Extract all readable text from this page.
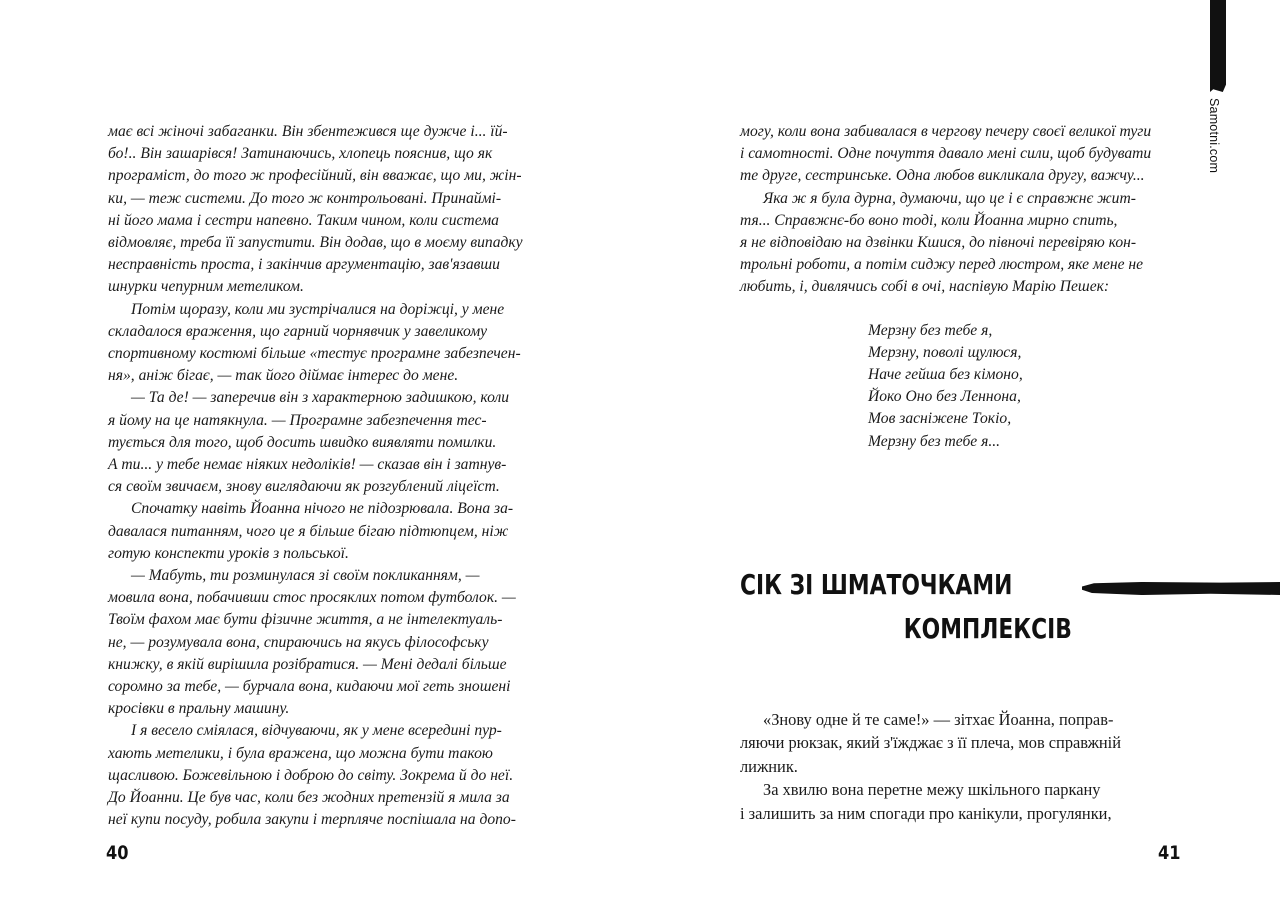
має всі жіночі забаганки. Він збентежився ще дужче і... їй-
бо!.. Він зашарівся! Затинаючись, хлопець пояснив, що як
програміст, до того ж професійний, він вважає, що ми, жін-
ки, — теж системи. До того ж контрольовані. Принаймі-
ні його мама і сестри напевно. Таким чином, коли система
відмовляє, треба її запустити. Він додав, що в моєму випадку
несправність проста, і закінчив аргументацію, зав'язавши
шнурки чепурним метеликом.

Потім щоразу, коли ми зустрічалися на доріжці, у мене
складалося враження, що гарний чорнявчик у завеликому
спортивному костюмі більше «тестує програмне забезпечен-
ня», аніж бігає, — так його діймає інтерес до мене.

— Та де! — заперечив він з характерною задишкою, коли
я йому на це натякнула. — Програмне забезпечення тес-
тується для того, щоб досить швидко виявляти помилки.
А ти... у тебе немає ніяких недоліків! — сказав він і затнув-
ся своїм звичаєм, знову виглядаючи як розгублений ліцеїст.

Спочатку навіть Йоанна нічого не підозрювала. Вона за-
давалася питанням, чого це я більше бігаю підтюпцем, ніж
готую конспекти уроків з польської.

— Мабуть, ти розминулася зі своїм покликанням, —
мовила вона, побачивши стос просяклих потом футболок. —
Твоїм фахом має бути фізичне життя, а не інтелектуаль-
не, — розумувала вона, спираючись на якусь філософську
книжку, в якій вирішила розібратися. — Мені дедалі більше
соромно за тебе, — бурчала вона, кидаючи мої геть зношені
кросівки в пральну машину.

І я весело сміялася, відчуваючи, як у мене всередині пур-
хають метелики, і була вражена, що можна бути такою
щасливою. Божевільною і доброю до світу. Зокрема й до неї.
До Йоанни. Це був час, коли без жодних претензій я мила за
неї купи посуду, робила закупи і терпляче поспішала на допо-

40

могу, коли вона забивалася в чергову печеру своєї великої туги
і самотності. Одне почуття давало мені сили, щоб будувати
те друге, сестринське. Одна любов викликала другу, важчу...

Яка ж я була дурна, думаючи, що це і є справжнє жит-
тя... Справжнє-бо воно тоді, коли Йоанна мирно спить,
я не відповідаю на дзвінки Кшися, до півночі перевіряю кон-
трольні роботи, а потім сиджу перед люстром, яке мене не
любить, і, дивлячись собі в очі, наспівую Марію Пешек:

Мерзну без тебе я,
Мерзну, поволі щулюся,
Наче гейша без кімоно,
Йоко Оно без Леннона,
Мов засніжене Токіо,
Мерзну без тебе я...
СІК ЗІ ШМАТОЧКАМИ
КОМПЛЕКСІВ

«Знову одне й те саме!» — зітхає Йоанна, поправ-
ляючи рюкзак, який з'їжджає з її плеча, мов справжній
лижник.

За хвилю вона перетне межу шкільного паркану
і залишить за ним спогади про канікули, прогулянки,

41
Samotni.com
